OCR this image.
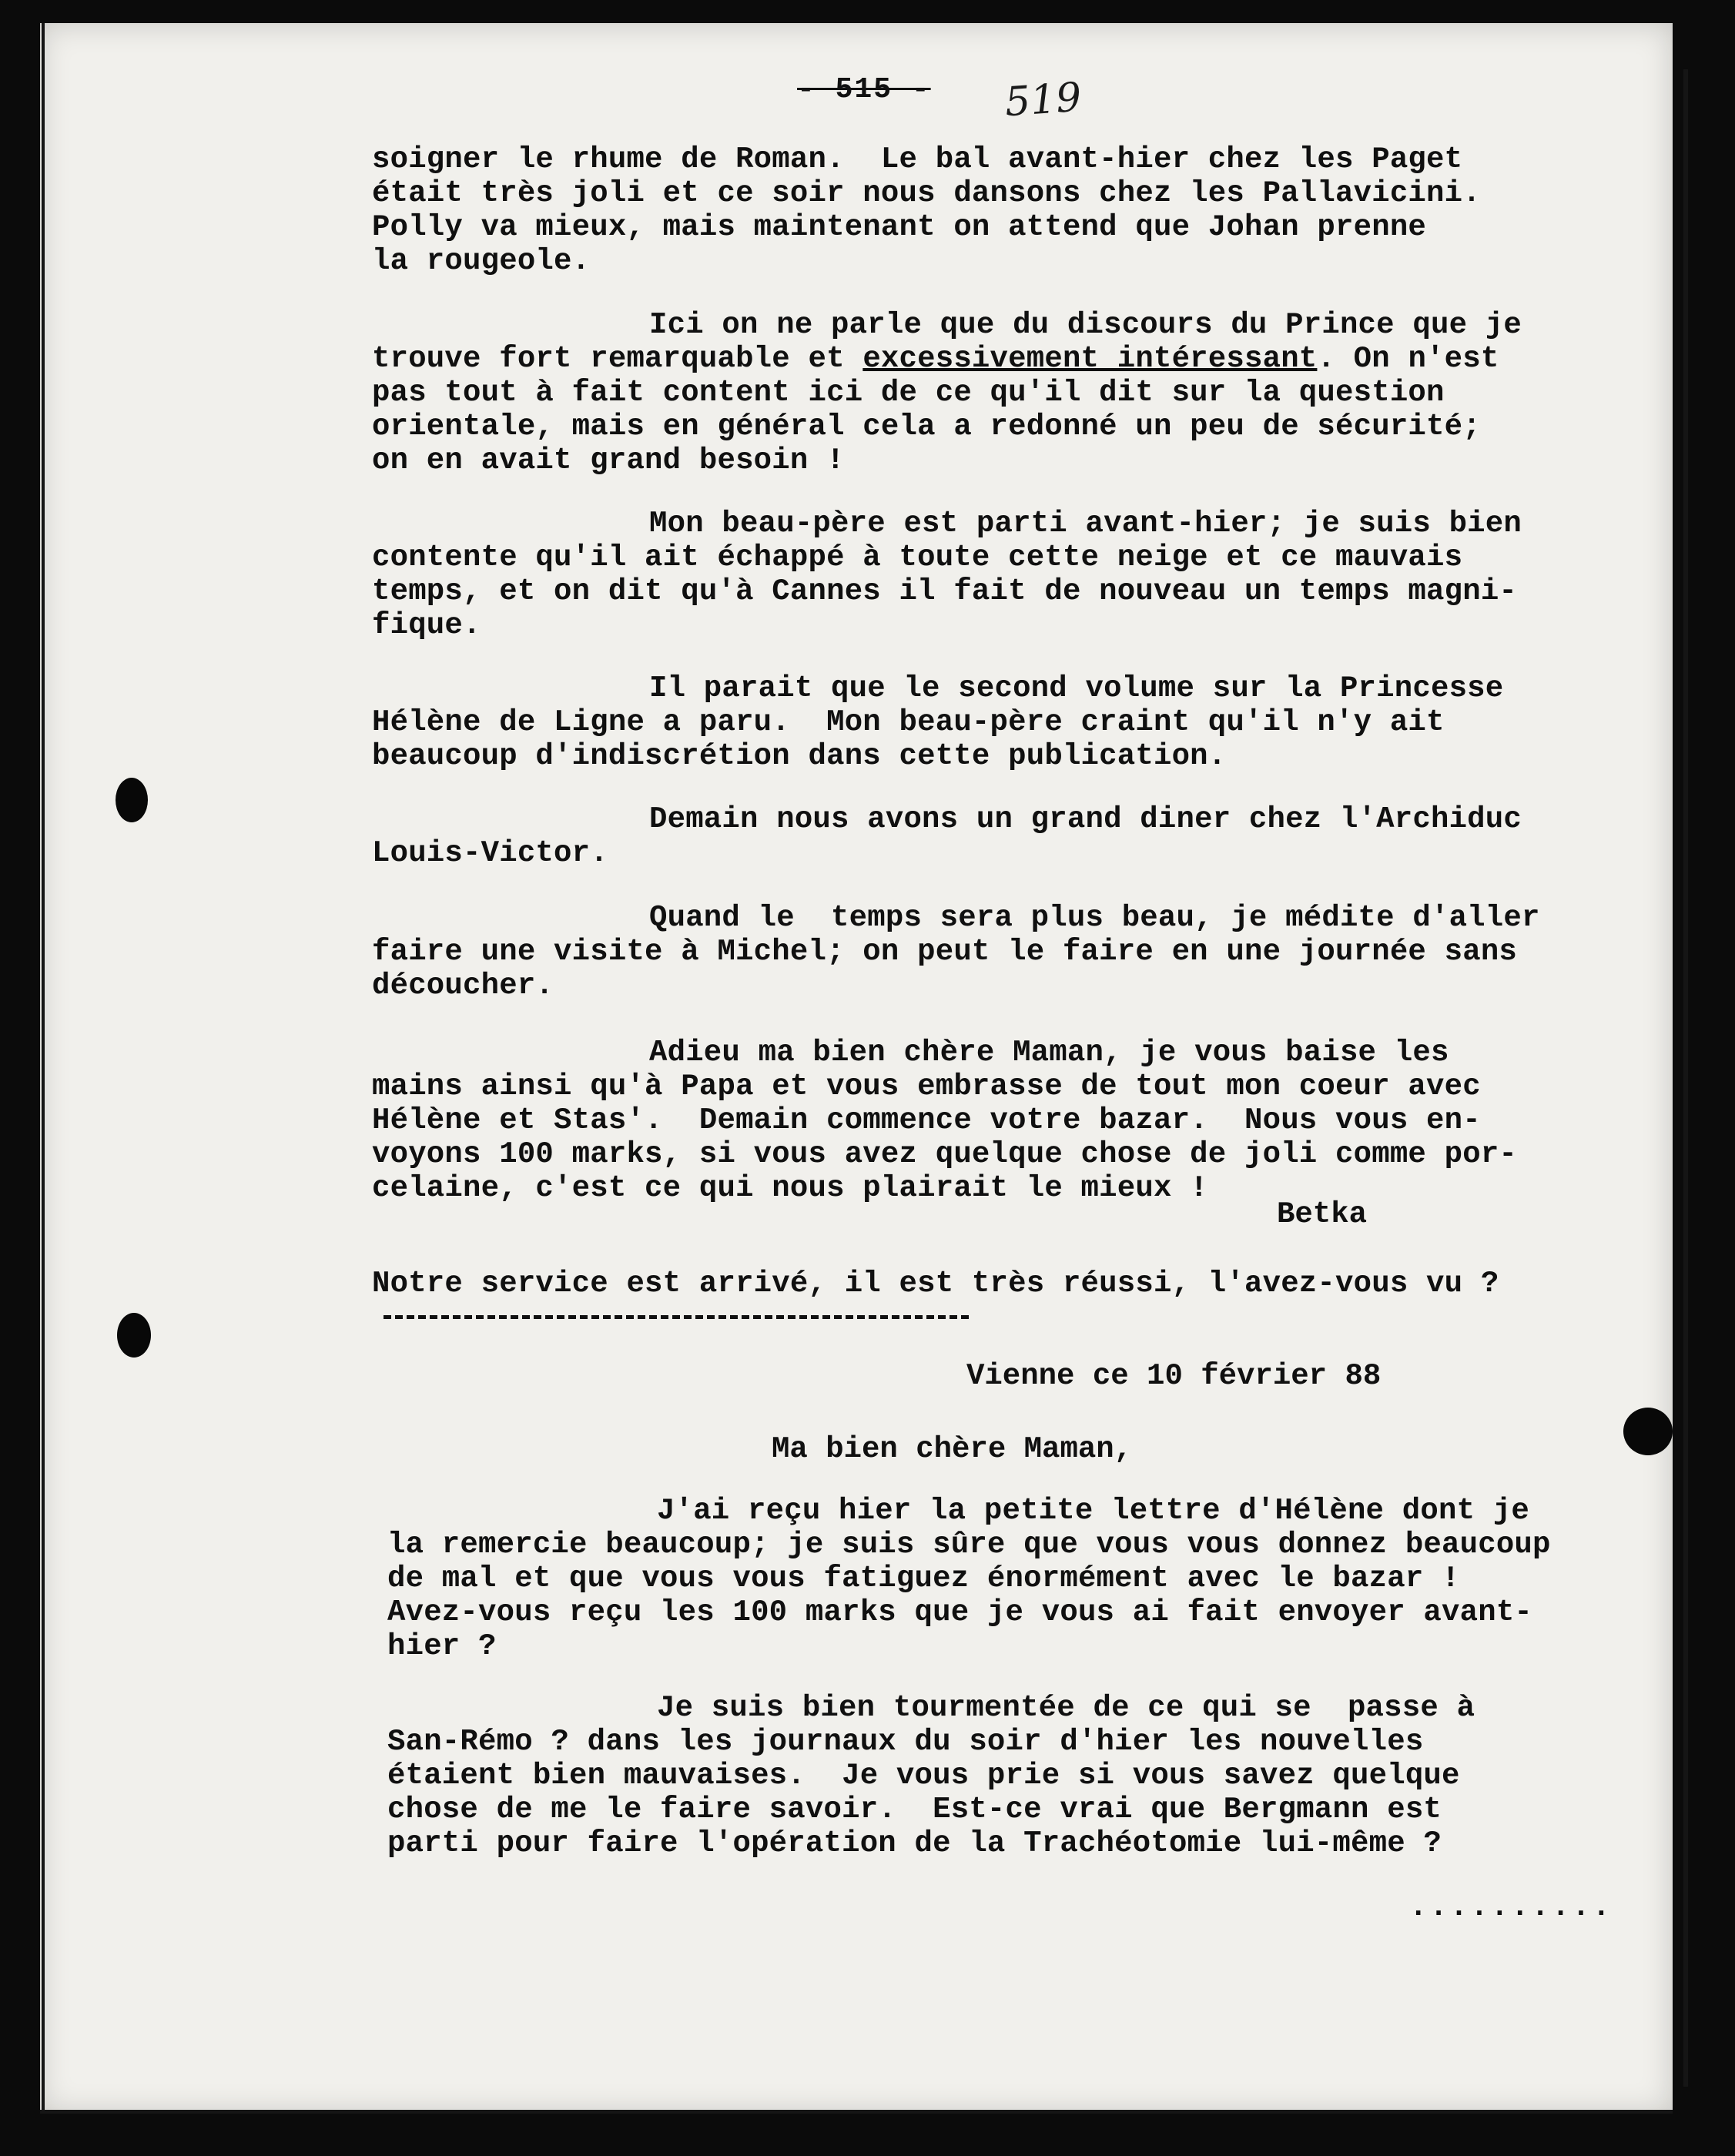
- 515 - 519
soigner le rhume de Roman.  Le bal avant-hier chez les Paget
était très joli et ce soir nous dansons chez les Pallavicini.
Polly va mieux, mais maintenant on attend que Johan prenne
la rougeole.
Ici on ne parle que du discours du Prince que je
trouve fort remarquable et excessivement intéressant. On n'est
pas tout à fait content ici de ce qu'il dit sur la question
orientale, mais en général cela a redonné un peu de sécurité;
on en avait grand besoin !
Mon beau-père est parti avant-hier; je suis bien
contente qu'il ait échappé à toute cette neige et ce mauvais
temps, et on dit qu'à Cannes il fait de nouveau un temps magni-
fique.
Il parait que le second volume sur la Princesse
Hélène de Ligne a paru.  Mon beau-père craint qu'il n'y ait
beaucoup d'indiscrétion dans cette publication.
Demain nous avons un grand diner chez l'Archiduc
Louis-Victor.
Quand le  temps sera plus beau, je médite d'aller
faire une visite à Michel; on peut le faire en une journée sans
découcher.
Adieu ma bien chère Maman, je vous baise les
mains ainsi qu'à Papa et vous embrasse de tout mon coeur avec
Hélène et Stas'.  Demain commence votre bazar.  Nous vous en-
voyons 100 marks, si vous avez quelque chose de joli comme por-
celaine, c'est ce qui nous plairait le mieux !
Betka
Notre service est arrivé, il est très réussi, l'avez-vous vu ?
Vienne ce 10 février 88
Ma bien chère Maman,
J'ai reçu hier la petite lettre d'Hélène dont je
la remercie beaucoup; je suis sûre que vous vous donnez beaucoup
de mal et que vous vous fatiguez énormément avec le bazar !
Avez-vous reçu les 100 marks que je vous ai fait envoyer avant-
hier ?
Je suis bien tourmentée de ce qui se  passe à
San-Rémo ? dans les journaux du soir d'hier les nouvelles
étaient bien mauvaises.  Je vous prie si vous savez quelque
chose de me le faire savoir.  Est-ce vrai que Bergmann est
parti pour faire l'opération de la Trachéotomie lui-même ?
..........
